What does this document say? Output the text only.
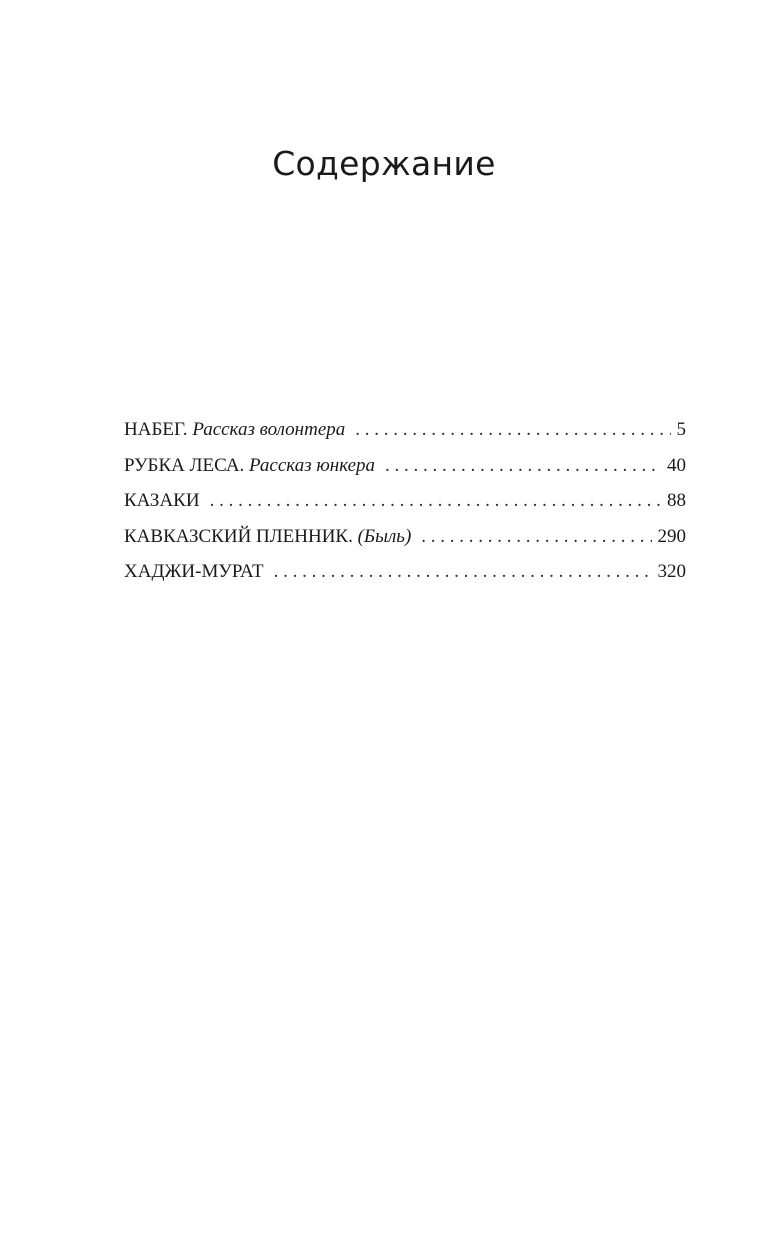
Содержание
НАБЕГ. Рассказ волонтера . . .	5
РУБКА ЛЕСА. Рассказ юнкера . . .	40
КАЗАКИ . . .	88
КАВКАЗСКИЙ ПЛЕННИК. (Быль) . . .	290
ХАДЖИ-МУРАТ . . .	320
